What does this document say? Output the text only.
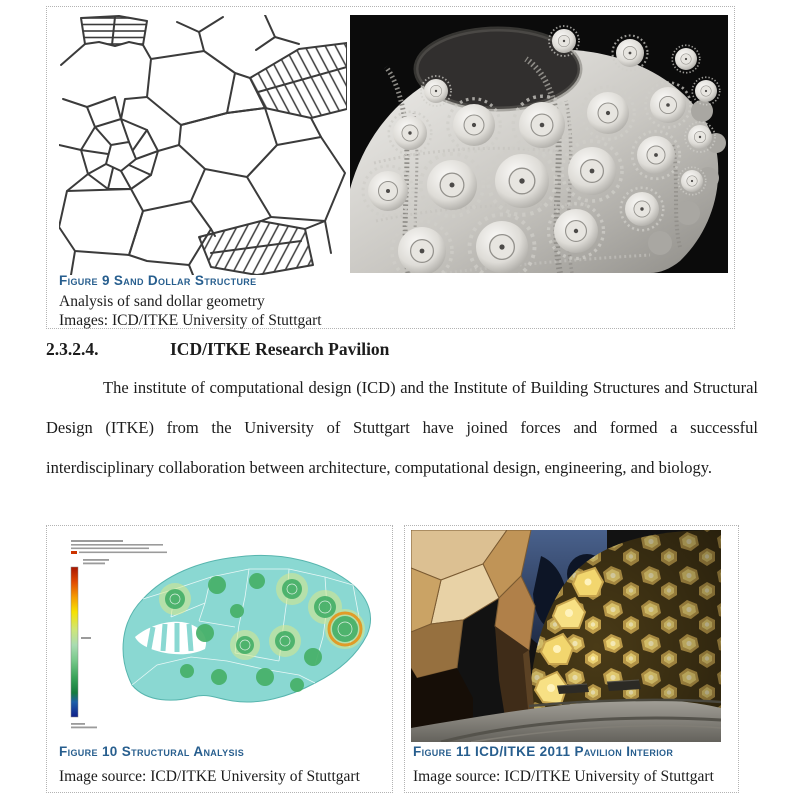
Figure 9 Sand Dollar Structure
Analysis of sand dollar geometry
Images: ICD/ITKE University of Stuttgart
2.3.2.4.	ICD/ITKE Research Pavilion
The institute of computational design (ICD) and the Institute of Building Structures and Structural Design (ITKE) from the University of Stuttgart have joined forces and formed a successful interdisciplinary collaboration between architecture, computational design, engineering, and biology.
Figure 10 Structural Analysis
Image source: ICD/ITKE University of Stuttgart
Figure 11 ICD/ITKE 2011 Pavilion Interior
Image source: ICD/ITKE University of Stuttgart
